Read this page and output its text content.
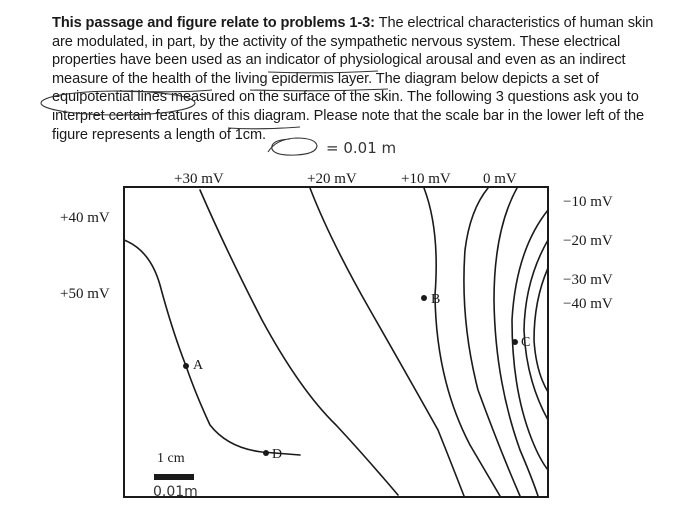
This passage and figure relate to problems 1-3: The electrical characteristics of human skin are modulated, in part, by the activity of the sympathetic nervous system. These electrical properties have been used as an indicator of physiological arousal and even as an indirect measure of the health of the living epidermis layer. The diagram below depicts a set of equipotential lines measured on the surface of the skin. The following 3 questions ask you to interpret certain features of this diagram. Please note that the scale bar in the lower left of the figure represents a length of 1cm.
= 0.01 m
+30 mV	+20 mV	+10 mV 0 mV
+40 mV
+50 mV
−10 mV
−20 mV
−30 mV
−40 mV
A
B
C
D
1 cm
0.01m
